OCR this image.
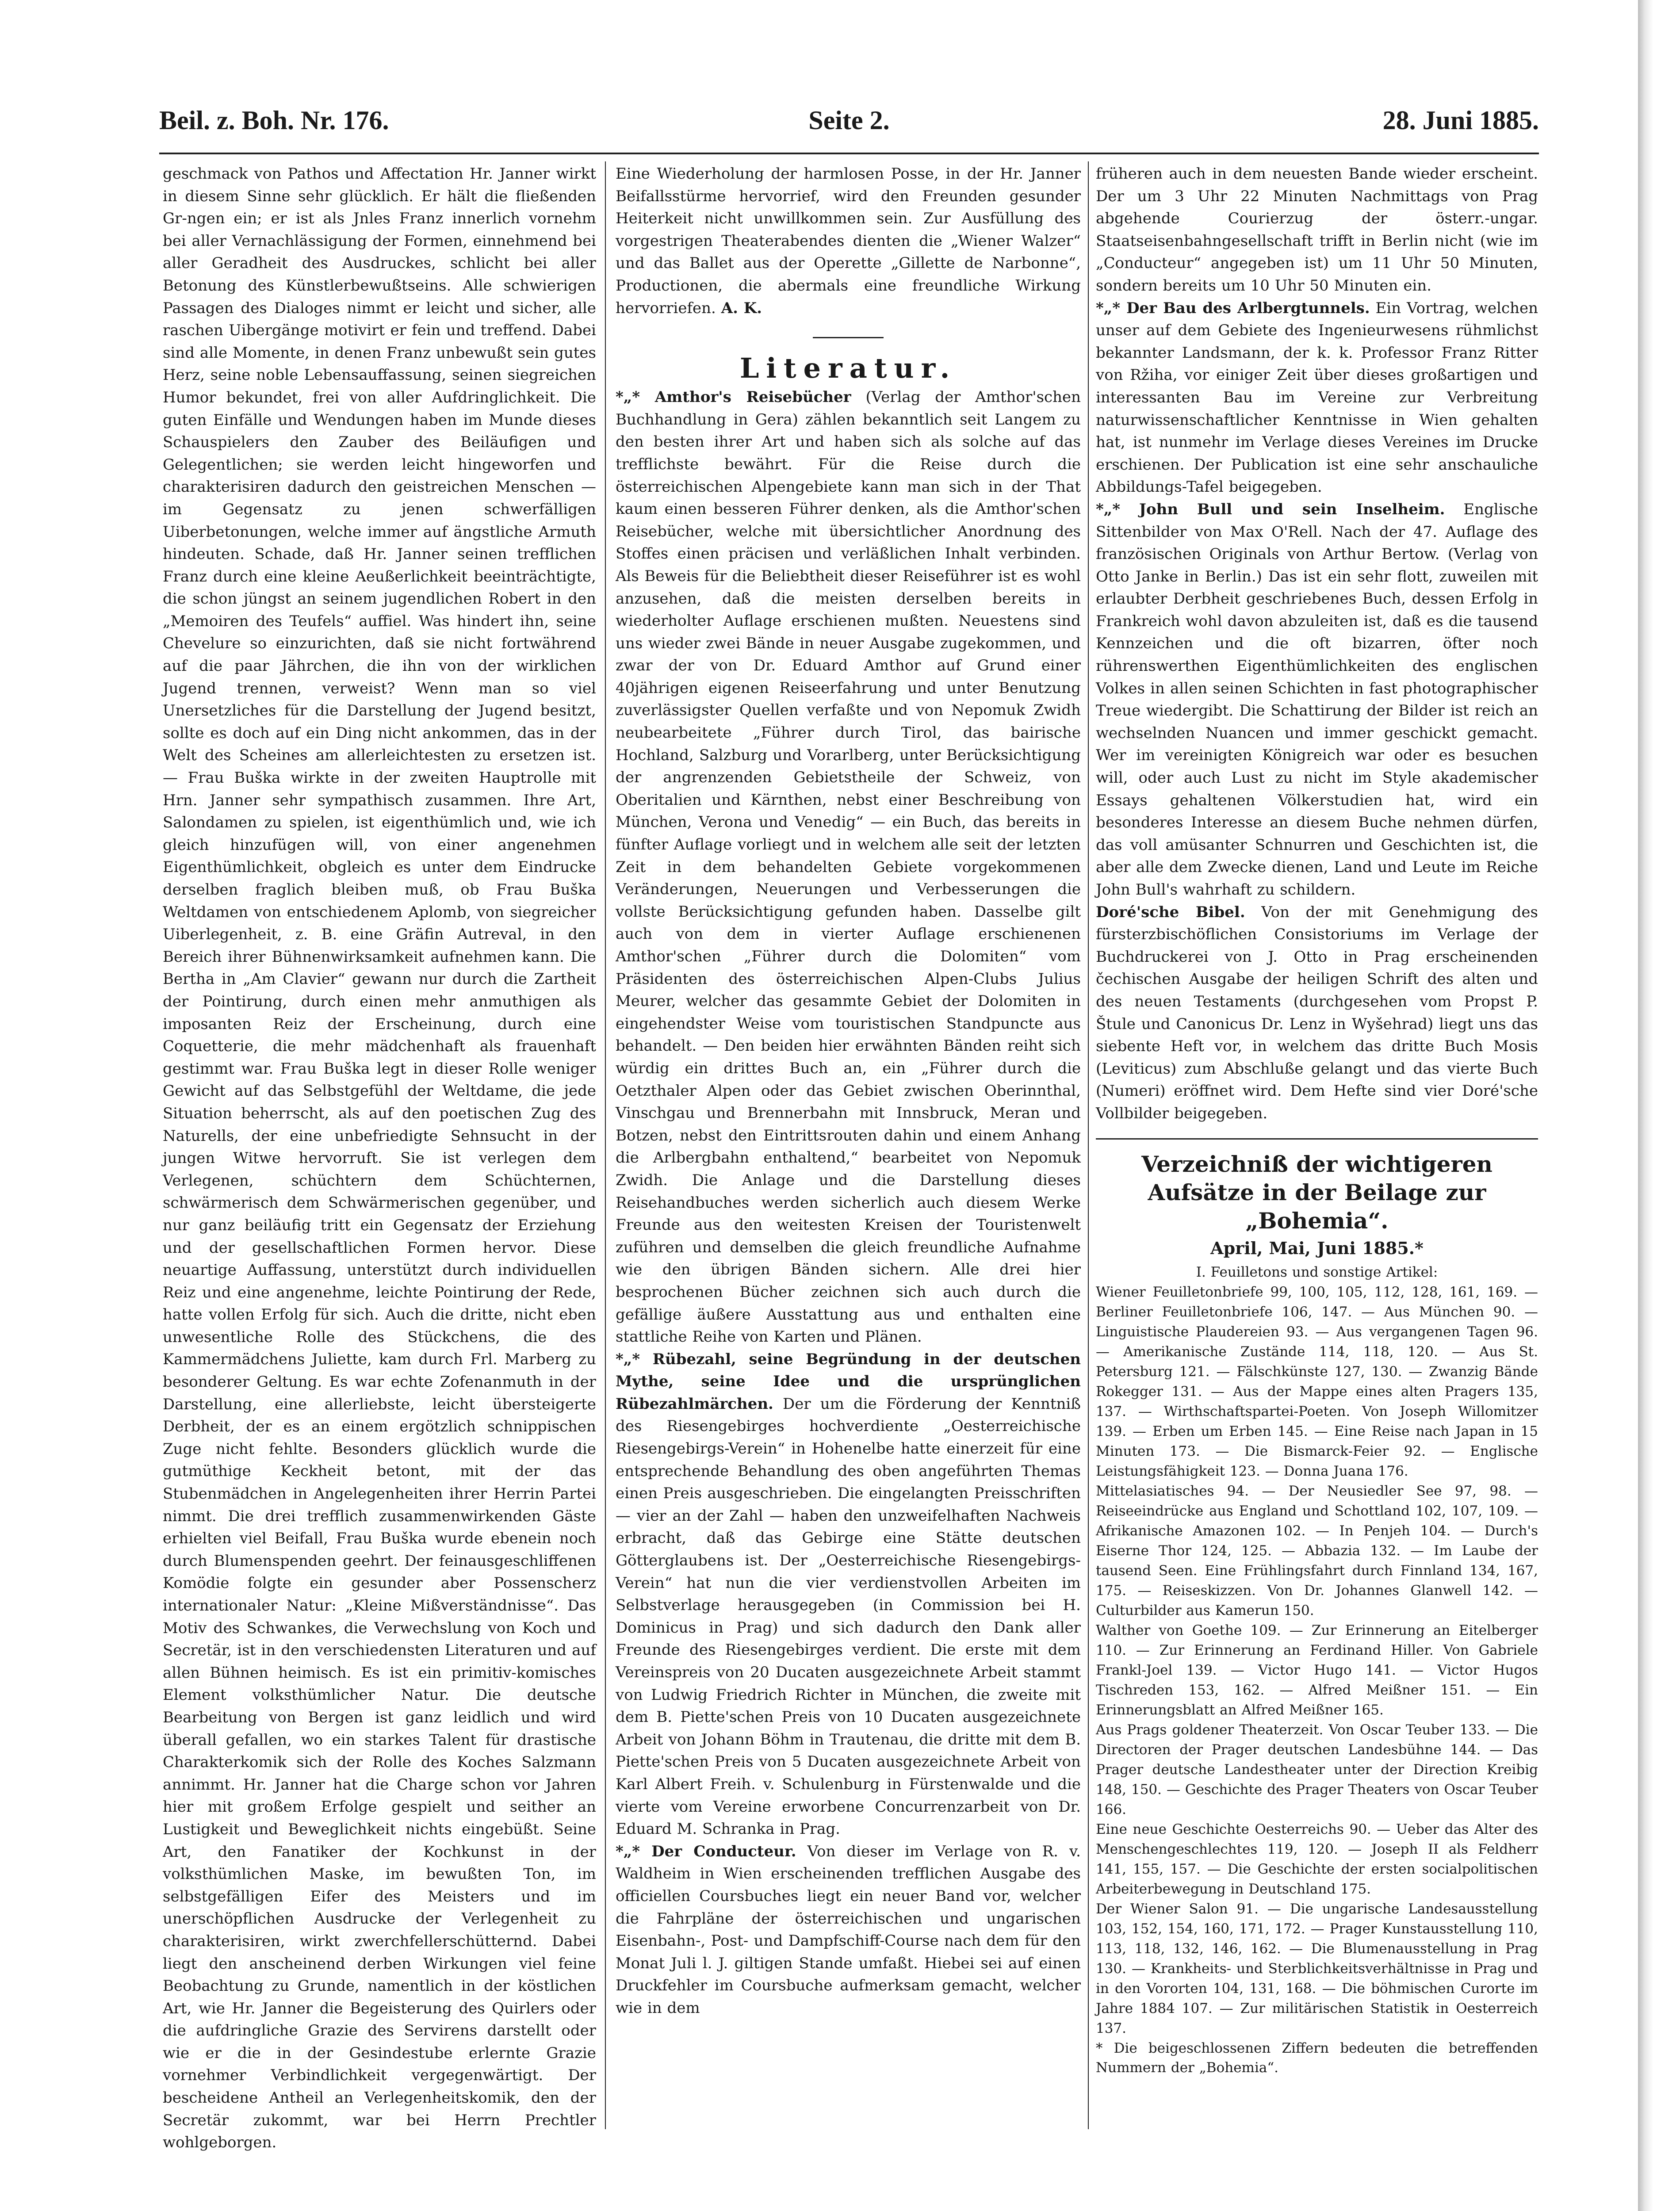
Beil. z. Boh. Nr. 176.	Seite 2.	28. Juni 1885.

geschmack von Pathos und Affectation Hr. Janner wirkt in diesem Sinne sehr glücklich. Er hält die fließenden Gr-ngen ein; er ist als Jnles Franz innerlich vornehm bei aller Vernachlässigung der Formen, einnehmend bei aller Geradheit des Ausdruckes, schlicht bei aller Betonung des Künstlerbewußtseins. Alle schwierigen Passagen des Dialoges nimmt er leicht und sicher, alle raschen Uibergänge motivirt er fein und treffend. Dabei sind alle Momente, in denen Franz unbewußt sein gutes Herz, seine noble Lebensauffassung, seinen siegreichen Humor bekundet, frei von aller Aufdringlichkeit. Die guten Einfälle und Wendungen haben im Munde dieses Schauspielers den Zauber des Beiläufigen und Gelegentlichen; sie werden leicht hingeworfen und charakterisiren dadurch den geistreichen Menschen — im Gegensatz zu jenen schwerfälligen Uiberbetonungen, welche immer auf ängstliche Armuth hindeuten. Schade, daß Hr. Janner seinen trefflichen Franz durch eine kleine Aeußerlichkeit beeinträchtigte, die schon jüngst an seinem jugendlichen Robert in den „Memoiren des Teufels“ auffiel. Was hindert ihn, seine Chevelure so einzurichten, daß sie nicht fortwährend auf die paar Jährchen, die ihn von der wirklichen Jugend trennen, verweist? Wenn man so viel Unersetzliches für die Darstellung der Jugend besitzt, sollte es doch auf ein Ding nicht ankommen, das in der Welt des Scheines am allerleichtesten zu ersetzen ist. — Frau Buška wirkte in der zweiten Hauptrolle mit Hrn. Janner sehr sympathisch zusammen. Ihre Art, Salondamen zu spielen, ist eigenthümlich und, wie ich gleich hinzufügen will, von einer angenehmen Eigenthümlichkeit, obgleich es unter dem Eindrucke derselben fraglich bleiben muß, ob Frau Buška Weltdamen von entschiedenem Aplomb, von siegreicher Uiberlegenheit, z. B. eine Gräfin Autreval, in den Bereich ihrer Bühnenwirksamkeit aufnehmen kann. Die Bertha in „Am Clavier“ gewann nur durch die Zartheit der Pointirung, durch einen mehr anmuthigen als imposanten Reiz der Erscheinung, durch eine Coquetterie, die mehr mädchenhaft als frauenhaft gestimmt war. Frau Buška legt in dieser Rolle weniger Gewicht auf das Selbstgefühl der Weltdame, die jede Situation beherrscht, als auf den poetischen Zug des Naturells, der eine unbefriedigte Sehnsucht in der jungen Witwe hervorruft. Sie ist verlegen dem Verlegenen, schüchtern dem Schüchternen, schwärmerisch dem Schwärmerischen gegenüber, und nur ganz beiläufig tritt ein Gegensatz der Erziehung und der gesellschaftlichen Formen hervor. Diese neuartige Auffassung, unterstützt durch individuellen Reiz und eine angenehme, leichte Pointirung der Rede, hatte vollen Erfolg für sich. Auch die dritte, nicht eben unwesentliche Rolle des Stückchens, die des Kammermädchens Juliette, kam durch Frl. Marberg zu besonderer Geltung. Es war echte Zofenanmuth in der Darstellung, eine allerliebste, leicht übersteigerte Derbheit, der es an einem ergötzlich schnippischen Zuge nicht fehlte. Besonders glücklich wurde die gutmüthige Keckheit betont, mit der das Stubenmädchen in Angelegenheiten ihrer Herrin Partei nimmt. Die drei trefflich zusammenwirkenden Gäste erhielten viel Beifall, Frau Buška wurde ebenein noch durch Blumenspenden geehrt. Der feinausgeschliffenen Komödie folgte ein gesunder aber Possenscherz internationaler Natur: „Kleine Mißverständnisse“. Das Motiv des Schwankes, die Verwechslung von Koch und Secretär, ist in den verschiedensten Literaturen und auf allen Bühnen heimisch. Es ist ein primitiv-komisches Element volksthümlicher Natur. Die deutsche Bearbeitung von Bergen ist ganz leidlich und wird überall gefallen, wo ein starkes Talent für drastische Charakterkomik sich der Rolle des Koches Salzmann annimmt. Hr. Janner hat die Charge schon vor Jahren hier mit großem Erfolge gespielt und seither an Lustigkeit und Beweglichkeit nichts eingebüßt. Seine Art, den Fanatiker der Kochkunst in der volksthümlichen Maske, im bewußten Ton, im selbstgefälligen Eifer des Meisters und im unerschöpflichen Ausdrucke der Verlegenheit zu charakterisiren, wirkt zwerchfellerschütternd. Dabei liegt den anscheinend derben Wirkungen viel feine Beobachtung zu Grunde, namentlich in der köstlichen Art, wie Hr. Janner die Begeisterung des Quirlers oder die aufdringliche Grazie des Servirens darstellt oder wie er die in der Gesindestube erlernte Grazie vornehmer Verbindlichkeit vergegenwärtigt. Der bescheidene Antheil an Verlegenheitskomik, den der Secretär zukommt, war bei Herrn Prechtler wohlgeborgen.

Eine Wiederholung der harmlosen Posse, in der Hr. Janner Beifallsstürme hervorrief, wird den Freunden gesunder Heiterkeit nicht unwillkommen sein. Zur Ausfüllung des vorgestrigen Theaterabendes dienten die „Wiener Walzer“ und das Ballet aus der Operette „Gillette de Narbonne“, Productionen, die abermals eine freundliche Wirkung hervorriefen. A. K.

Literatur.

*„* Amthor's Reisebücher (Verlag der Amthor'schen Buchhandlung in Gera) zählen bekanntlich seit Langem zu den besten ihrer Art und haben sich als solche auf das trefflichste bewährt. Für die Reise durch die österreichischen Alpengebiete kann man sich in der That kaum einen besseren Führer denken, als die Amthor'schen Reisebücher, welche mit übersichtlicher Anordnung des Stoffes einen präcisen und verläßlichen Inhalt verbinden. Als Beweis für die Beliebtheit dieser Reiseführer ist es wohl anzusehen, daß die meisten derselben bereits in wiederholter Auflage erschienen mußten. Neuestens sind uns wieder zwei Bände in neuer Ausgabe zugekommen, und zwar der von Dr. Eduard Amthor auf Grund einer 40jährigen eigenen Reiseerfahrung und unter Benutzung zuverlässigster Quellen verfaßte und von Nepomuk Zwidh neubearbeitete „Führer durch Tirol, das bairische Hochland, Salzburg und Vorarlberg, unter Berücksichtigung der angrenzenden Gebietstheile der Schweiz, von Oberitalien und Kärnthen, nebst einer Beschreibung von München, Verona und Venedig“ — ein Buch, das bereits in fünfter Auflage vorliegt und in welchem alle seit der letzten Zeit in dem behandelten Gebiete vorgekommenen Veränderungen, Neuerungen und Verbesserungen die vollste Berücksichtigung gefunden haben. Dasselbe gilt auch von dem in vierter Auflage erschienenen Amthor'schen „Führer durch die Dolomiten“ vom Präsidenten des österreichischen Alpen-Clubs Julius Meurer, welcher das gesammte Gebiet der Dolomiten in eingehendster Weise vom touristischen Standpuncte aus behandelt. — Den beiden hier erwähnten Bänden reiht sich würdig ein drittes Buch an, ein „Führer durch die Oetzthaler Alpen oder das Gebiet zwischen Oberinnthal, Vinschgau und Brennerbahn mit Innsbruck, Meran und Botzen, nebst den Eintrittsrouten dahin und einem Anhang die Arlbergbahn enthaltend,“ bearbeitet von Nepomuk Zwidh. Die Anlage und die Darstellung dieses Reisehandbuches werden sicherlich auch diesem Werke Freunde aus den weitesten Kreisen der Touristenwelt zuführen und demselben die gleich freundliche Aufnahme wie den übrigen Bänden sichern. Alle drei hier besprochenen Bücher zeichnen sich auch durch die gefällige äußere Ausstattung aus und enthalten eine stattliche Reihe von Karten und Plänen.

*„* Rübezahl, seine Begründung in der deutschen Mythe, seine Idee und die ursprünglichen Rübezahlmärchen. Der um die Förderung der Kenntniß des Riesengebirges hochverdiente „Oesterreichische Riesengebirgs-Verein“ in Hohenelbe hatte einerzeit für eine entsprechende Behandlung des oben angeführten Themas einen Preis ausgeschrieben. Die eingelangten Preisschriften — vier an der Zahl — haben den unzweifelhaften Nachweis erbracht, daß das Gebirge eine Stätte deutschen Götterglaubens ist. Der „Oesterreichische Riesengebirgs-Verein“ hat nun die vier verdienstvollen Arbeiten im Selbstverlage herausgegeben (in Commission bei H. Dominicus in Prag) und sich dadurch den Dank aller Freunde des Riesengebirges verdient. Die erste mit dem Vereinspreis von 20 Ducaten ausgezeichnete Arbeit stammt von Ludwig Friedrich Richter in München, die zweite mit dem B. Piette'schen Preis von 10 Ducaten ausgezeichnete Arbeit von Johann Böhm in Trautenau, die dritte mit dem B. Piette'schen Preis von 5 Ducaten ausgezeichnete Arbeit von Karl Albert Freih. v. Schulenburg in Fürstenwalde und die vierte vom Vereine erworbene Concurrenzarbeit von Dr. Eduard M. Schranka in Prag.

*„* Der Conducteur. Von dieser im Verlage von R. v. Waldheim in Wien erscheinenden trefflichen Ausgabe des officiellen Coursbuches liegt ein neuer Band vor, welcher die Fahrpläne der österreichischen und ungarischen Eisenbahn-, Post- und Dampfschiff-Course nach dem für den Monat Juli l. J. giltigen Stande umfaßt. Hiebei sei auf einen Druckfehler im Coursbuche aufmerksam gemacht, welcher wie in dem

früheren auch in dem neuesten Bande wieder erscheint. Der um 3 Uhr 22 Minuten Nachmittags von Prag abgehende Courierzug der österr.-ungar. Staatseisenbahngesellschaft trifft in Berlin nicht (wie im „Conducteur“ angegeben ist) um 11 Uhr 50 Minuten, sondern bereits um 10 Uhr 50 Minuten ein.

*„* Der Bau des Arlbergtunnels. Ein Vortrag, welchen unser auf dem Gebiete des Ingenieurwesens rühmlichst bekannter Landsmann, der k. k. Professor Franz Ritter von Ržiha, vor einiger Zeit über dieses großartigen und interessanten Bau im Vereine zur Verbreitung naturwissenschaftlicher Kenntnisse in Wien gehalten hat, ist nunmehr im Verlage dieses Vereines im Drucke erschienen. Der Publication ist eine sehr anschauliche Abbildungs-Tafel beigegeben.

*„* John Bull und sein Inselheim. Englische Sittenbilder von Max O'Rell. Nach der 47. Auflage des französischen Originals von Arthur Bertow. (Verlag von Otto Janke in Berlin.) Das ist ein sehr flott, zuweilen mit erlaubter Derbheit geschriebenes Buch, dessen Erfolg in Frankreich wohl davon abzuleiten ist, daß es die tausend Kennzeichen und die oft bizarren, öfter noch rührenswerthen Eigenthümlichkeiten des englischen Volkes in allen seinen Schichten in fast photographischer Treue wiedergibt. Die Schattirung der Bilder ist reich an wechselnden Nuancen und immer geschickt gemacht. Wer im vereinigten Königreich war oder es besuchen will, oder auch Lust zu nicht im Style akademischer Essays gehaltenen Völkerstudien hat, wird ein besonderes Interesse an diesem Buche nehmen dürfen, das voll amüsanter Schnurren und Geschichten ist, die aber alle dem Zwecke dienen, Land und Leute im Reiche John Bull's wahrhaft zu schildern.

Doré'sche Bibel. Von der mit Genehmigung des fürsterzbischöflichen Consistoriums im Verlage der Buchdruckerei von J. Otto in Prag erscheinenden čechischen Ausgabe der heiligen Schrift des alten und des neuen Testaments (durchgesehen vom Propst P. Štule und Canonicus Dr. Lenz in Wyšehrad) liegt uns das siebente Heft vor, in welchem das dritte Buch Mosis (Leviticus) zum Abschluße gelangt und das vierte Buch (Numeri) eröffnet wird. Dem Hefte sind vier Doré'sche Vollbilder beigegeben.

Verzeichniß der wichtigeren Aufsätze in der Beilage zur „Bohemia“.
April, Mai, Juni 1885.*

I. Feuilletons und sonstige Artikel:

Wiener Feuilletonbriefe 99, 100, 105, 112, 128, 161, 169. — Berliner Feuilletonbriefe 106, 147. — Aus München 90. — Linguistische Plaudereien 93. — Aus vergangenen Tagen 96. — Amerikanische Zustände 114, 118, 120. — Aus St. Petersburg 121. — Fälschkünste 127, 130. — Zwanzig Bände Rokegger 131. — Aus der Mappe eines alten Pragers 135, 137. — Wirthschaftspartei-Poeten. Von Joseph Willomitzer 139. — Erben um Erben 145. — Eine Reise nach Japan in 15 Minuten 173. — Die Bismarck-Feier 92. — Englische Leistungsfähigkeit 123. — Donna Juana 176.

Mittelasiatisches 94. — Der Neusiedler See 97, 98. — Reiseeindrücke aus England und Schottland 102, 107, 109. — Afrikanische Amazonen 102. — In Penjeh 104. — Durch's Eiserne Thor 124, 125. — Abbazia 132. — Im Laube der tausend Seen. Eine Frühlingsfahrt durch Finnland 134, 167, 175. — Reiseskizzen. Von Dr. Johannes Glanwell 142. — Culturbilder aus Kamerun 150.

Walther von Goethe 109. — Zur Erinnerung an Eitelberger 110. — Zur Erinnerung an Ferdinand Hiller. Von Gabriele Frankl-Joel 139. — Victor Hugo 141. — Victor Hugos Tischreden 153, 162. — Alfred Meißner 151. — Ein Erinnerungsblatt an Alfred Meißner 165.

Aus Prags goldener Theaterzeit. Von Oscar Teuber 133. — Die Directoren der Prager deutschen Landesbühne 144. — Das Prager deutsche Landestheater unter der Direction Kreibig 148, 150. — Geschichte des Prager Theaters von Oscar Teuber 166.

Eine neue Geschichte Oesterreichs 90. — Ueber das Alter des Menschengeschlechtes 119, 120. — Joseph II als Feldherr 141, 155, 157. — Die Geschichte der ersten socialpolitischen Arbeiterbewegung in Deutschland 175.

Der Wiener Salon 91. — Die ungarische Landesausstellung 103, 152, 154, 160, 171, 172. — Prager Kunstausstellung 110, 113, 118, 132, 146, 162. — Die Blumenausstellung in Prag 130. — Krankheits- und Sterblichkeitsverhältnisse in Prag und in den Vororten 104, 131, 168. — Die böhmischen Curorte im Jahre 1884 107. — Zur militärischen Statistik in Oesterreich 137.

* Die beigeschlossenen Ziffern bedeuten die betreffenden Nummern der „Bohemia“.
